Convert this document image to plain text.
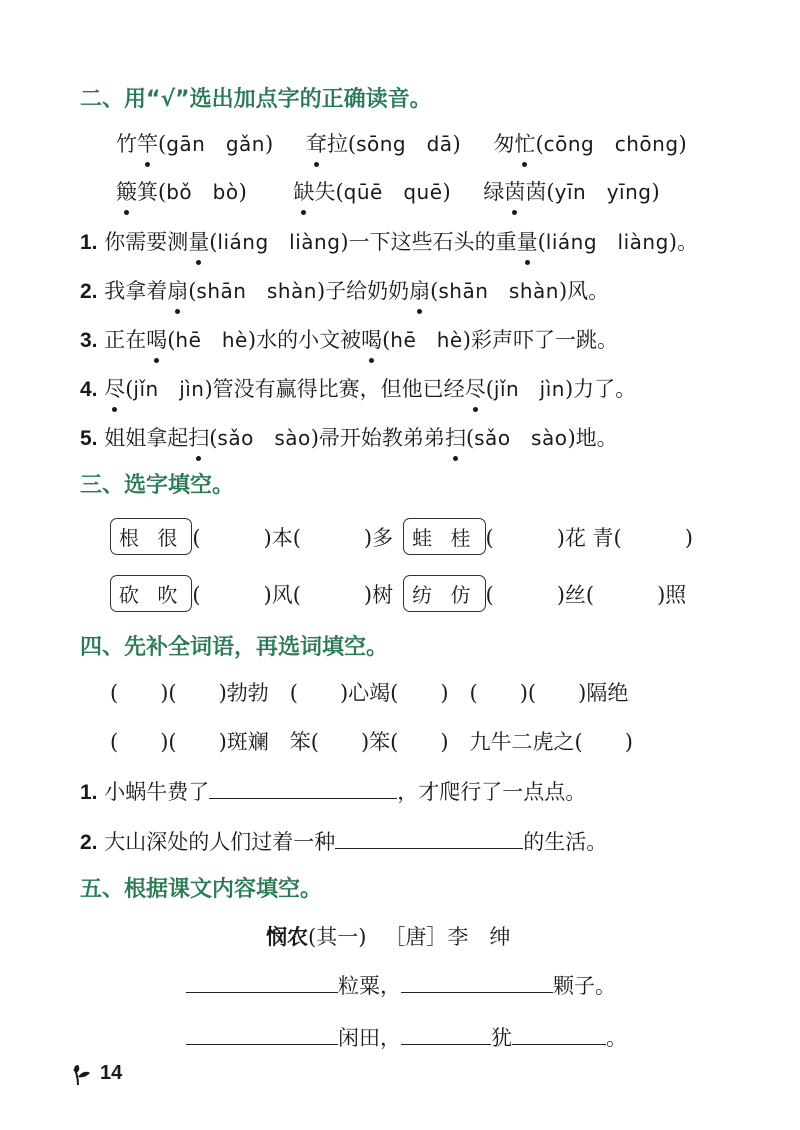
二、用“√”选出加点字的正确读音。
竹竿(gān　gǎn) 耷拉(sōng　dā) 匆忙(cōng　chōng)
簸箕(bǒ　bò) 缺失(qūē　quē) 绿茵茵(yīn　yīng)
1. 你需要测量(liáng　liàng)一下这些石头的重量(liáng　liàng)。
2. 我拿着扇(shān　shàn)子给奶奶扇(shān　shàn)风。
3. 正在喝(hē　hè)水的小文被喝(hē　hè)彩声吓了一跳。
4. 尽(jǐn　jìn)管没有赢得比赛，但他已经尽(jǐn　jìn)力了。
5. 姐姐拿起扫(sǎo　sào)帚开始教弟弟扫(sǎo　sào)地。
三、选字填空。
根 很 (　　　)本(　　　)多 蛙 桂 (　　　)花 青(　　　)
砍 吹 (　　　)风(　　　)树 纺 仿 (　　　)丝(　　　)照
四、先补全词语，再选词填空。
(　　)(　　)勃勃　(　　)心竭(　　)　(　　)(　　)隔绝
(　　)(　　)斑斓　笨(　　)笨(　　)　九牛二虎之(　　)
1. 小蜗牛费了	，才爬行了一点点。
2. 大山深处的人们过着一种	的生活。
五、根据课文内容填空。
悯农(其一) ［唐］李　绅
粒粟，	颗子。
闲田，	犹	。
14
